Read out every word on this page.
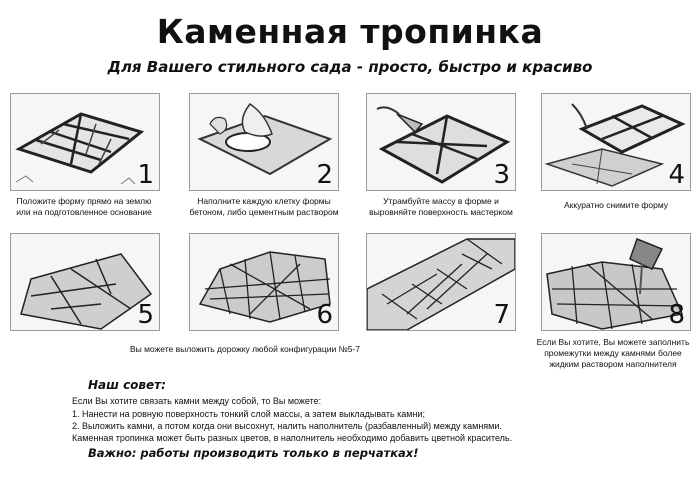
Каменная тропинка
Для Вашего стильного сада - просто, быстро и красиво
1	2	3	4
Положите форму прямо на землю
или на подготовленное основание
Наполните каждую клетку формы
бетоном, либо цементным раствором
Утрамбуйте массу в форме и
выровняйте поверхность мастерком
Аккуратно снимите форму
5	6	7	8
Вы можете выложить дорожку любой конфигурации №5-7
Если Вы хотите, Вы можете заполнить
промежутки между камнями более
жидким раствором наполнителя
Наш совет:
Если Вы хотите связать камни между собой, то Вы можете:
1. Нанести на ровную поверхность тонкий слой массы, а затем выкладывать камни;
2. Выложить камни, а потом когда они высохнут, налить наполнитель (разбавленный) между камнями.
Каменная тропинка может быть разных цветов, в наполнитель необходимо добавить цветной краситель.
Важно: работы производить только в перчатках!
